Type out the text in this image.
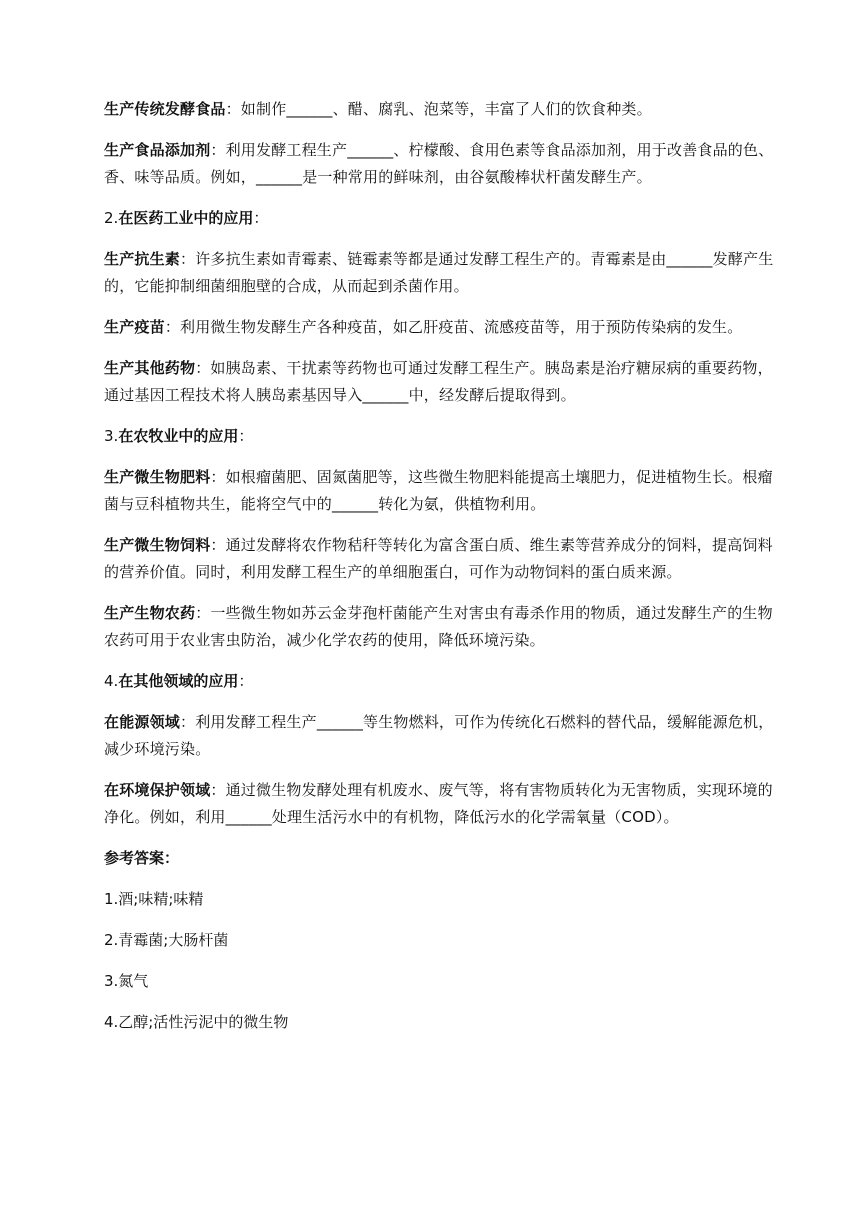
生产传统发酵食品：如制作______、醋、腐乳、泡菜等，丰富了人们的饮食种类。

生产食品添加剂：利用发酵工程生产______、柠檬酸、食用色素等食品添加剂，用于改善食品的色、香、味等品质。例如，______是一种常用的鲜味剂，由谷氨酸棒状杆菌发酵生产。

2.在医药工业中的应用：

生产抗生素：许多抗生素如青霉素、链霉素等都是通过发酵工程生产的。青霉素是由______发酵产生的，它能抑制细菌细胞壁的合成，从而起到杀菌作用。

生产疫苗：利用微生物发酵生产各种疫苗，如乙肝疫苗、流感疫苗等，用于预防传染病的发生。

生产其他药物：如胰岛素、干扰素等药物也可通过发酵工程生产。胰岛素是治疗糖尿病的重要药物，通过基因工程技术将人胰岛素基因导入______中，经发酵后提取得到。

3.在农牧业中的应用：

生产微生物肥料：如根瘤菌肥、固氮菌肥等，这些微生物肥料能提高土壤肥力，促进植物生长。根瘤菌与豆科植物共生，能将空气中的______转化为氨，供植物利用。

生产微生物饲料：通过发酵将农作物秸秆等转化为富含蛋白质、维生素等营养成分的饲料，提高饲料的营养价值。同时，利用发酵工程生产的单细胞蛋白，可作为动物饲料的蛋白质来源。

生产生物农药：一些微生物如苏云金芽孢杆菌能产生对害虫有毒杀作用的物质，通过发酵生产的生物农药可用于农业害虫防治，减少化学农药的使用，降低环境污染。

4.在其他领域的应用：

在能源领域：利用发酵工程生产______等生物燃料，可作为传统化石燃料的替代品，缓解能源危机，减少环境污染。

在环境保护领域：通过微生物发酵处理有机废水、废气等，将有害物质转化为无害物质，实现环境的净化。例如，利用______处理生活污水中的有机物，降低污水的化学需氧量（COD）。

参考答案：

1.酒;味精;味精

2.青霉菌;大肠杆菌

3.氮气

4.乙醇;活性污泥中的微生物
